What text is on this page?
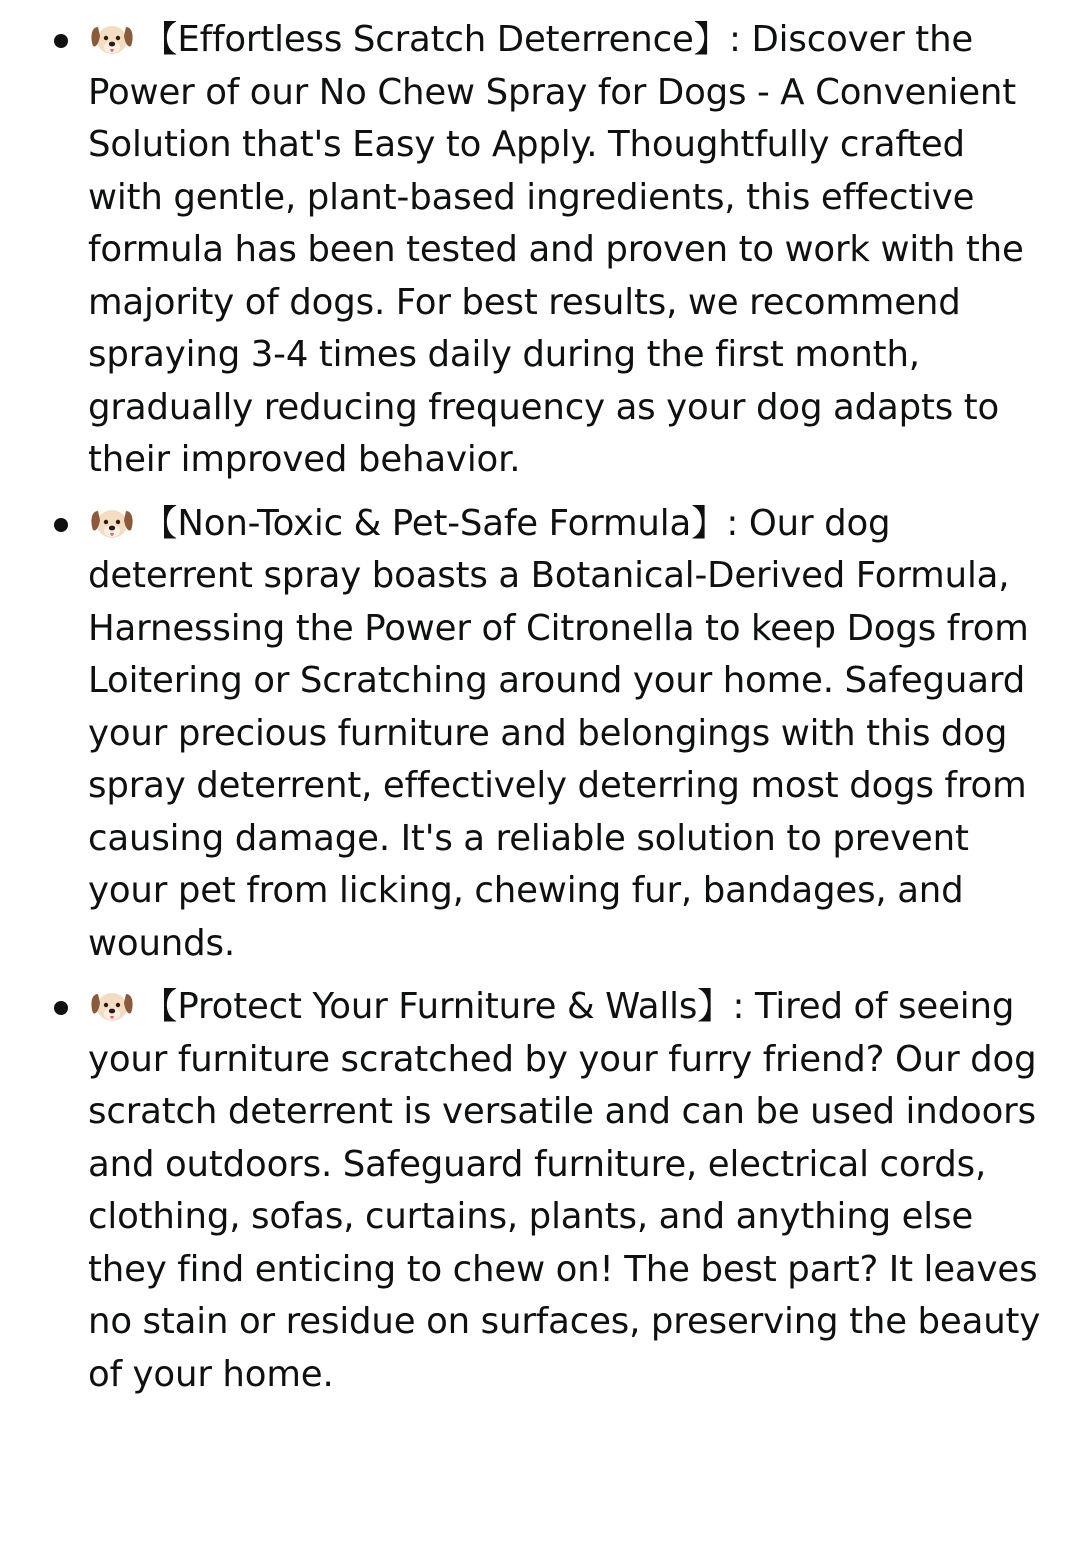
【Effortless Scratch Deterrence】: Discover the Power of our No Chew Spray for Dogs - A Convenient Solution that's Easy to Apply. Thoughtfully crafted with gentle, plant-based ingredients, this effective formula has been tested and proven to work with the majority of dogs. For best results, we recommend spraying 3-4 times daily during the first month, gradually reducing frequency as your dog adapts to their improved behavior.
【Non-Toxic & Pet-Safe Formula】: Our dog deterrent spray boasts a Botanical-Derived Formula, Harnessing the Power of Citronella to keep Dogs from Loitering or Scratching around your home. Safeguard your precious furniture and belongings with this dog spray deterrent, effectively deterring most dogs from causing damage. It's a reliable solution to prevent your pet from licking, chewing fur, bandages, and wounds.
【Protect Your Furniture & Walls】: Tired of seeing your furniture scratched by your furry friend? Our dog scratch deterrent is versatile and can be used indoors and outdoors. Safeguard furniture, electrical cords, clothing, sofas, curtains, plants, and anything else they find enticing to chew on! The best part? It leaves no stain or residue on surfaces, preserving the beauty of your home.
